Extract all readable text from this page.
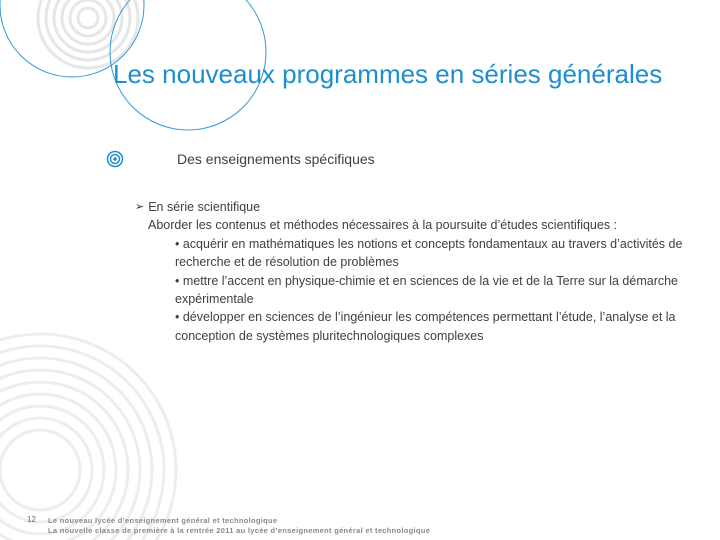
Les nouveaux programmes en séries générales
Des enseignements spécifiques
➢ En série scientifique
Aborder les contenus et méthodes nécessaires à la poursuite d’études scientifiques :
• acquérir en mathématiques les notions et concepts fondamentaux au travers d’activités de recherche et de résolution de problèmes
• mettre l’accent en physique-chimie et en sciences de la vie et de la Terre sur la démarche expérimentale
• développer en sciences de l’ingénieur les compétences permettant l’étude, l’analyse et la conception de systèmes pluritechnologiques complexes
12 Le nouveau lycée d’enseignement général et technologique
La nouvelle classe de première à la rentrée 2011 au lycée d’enseignement général et technologique
